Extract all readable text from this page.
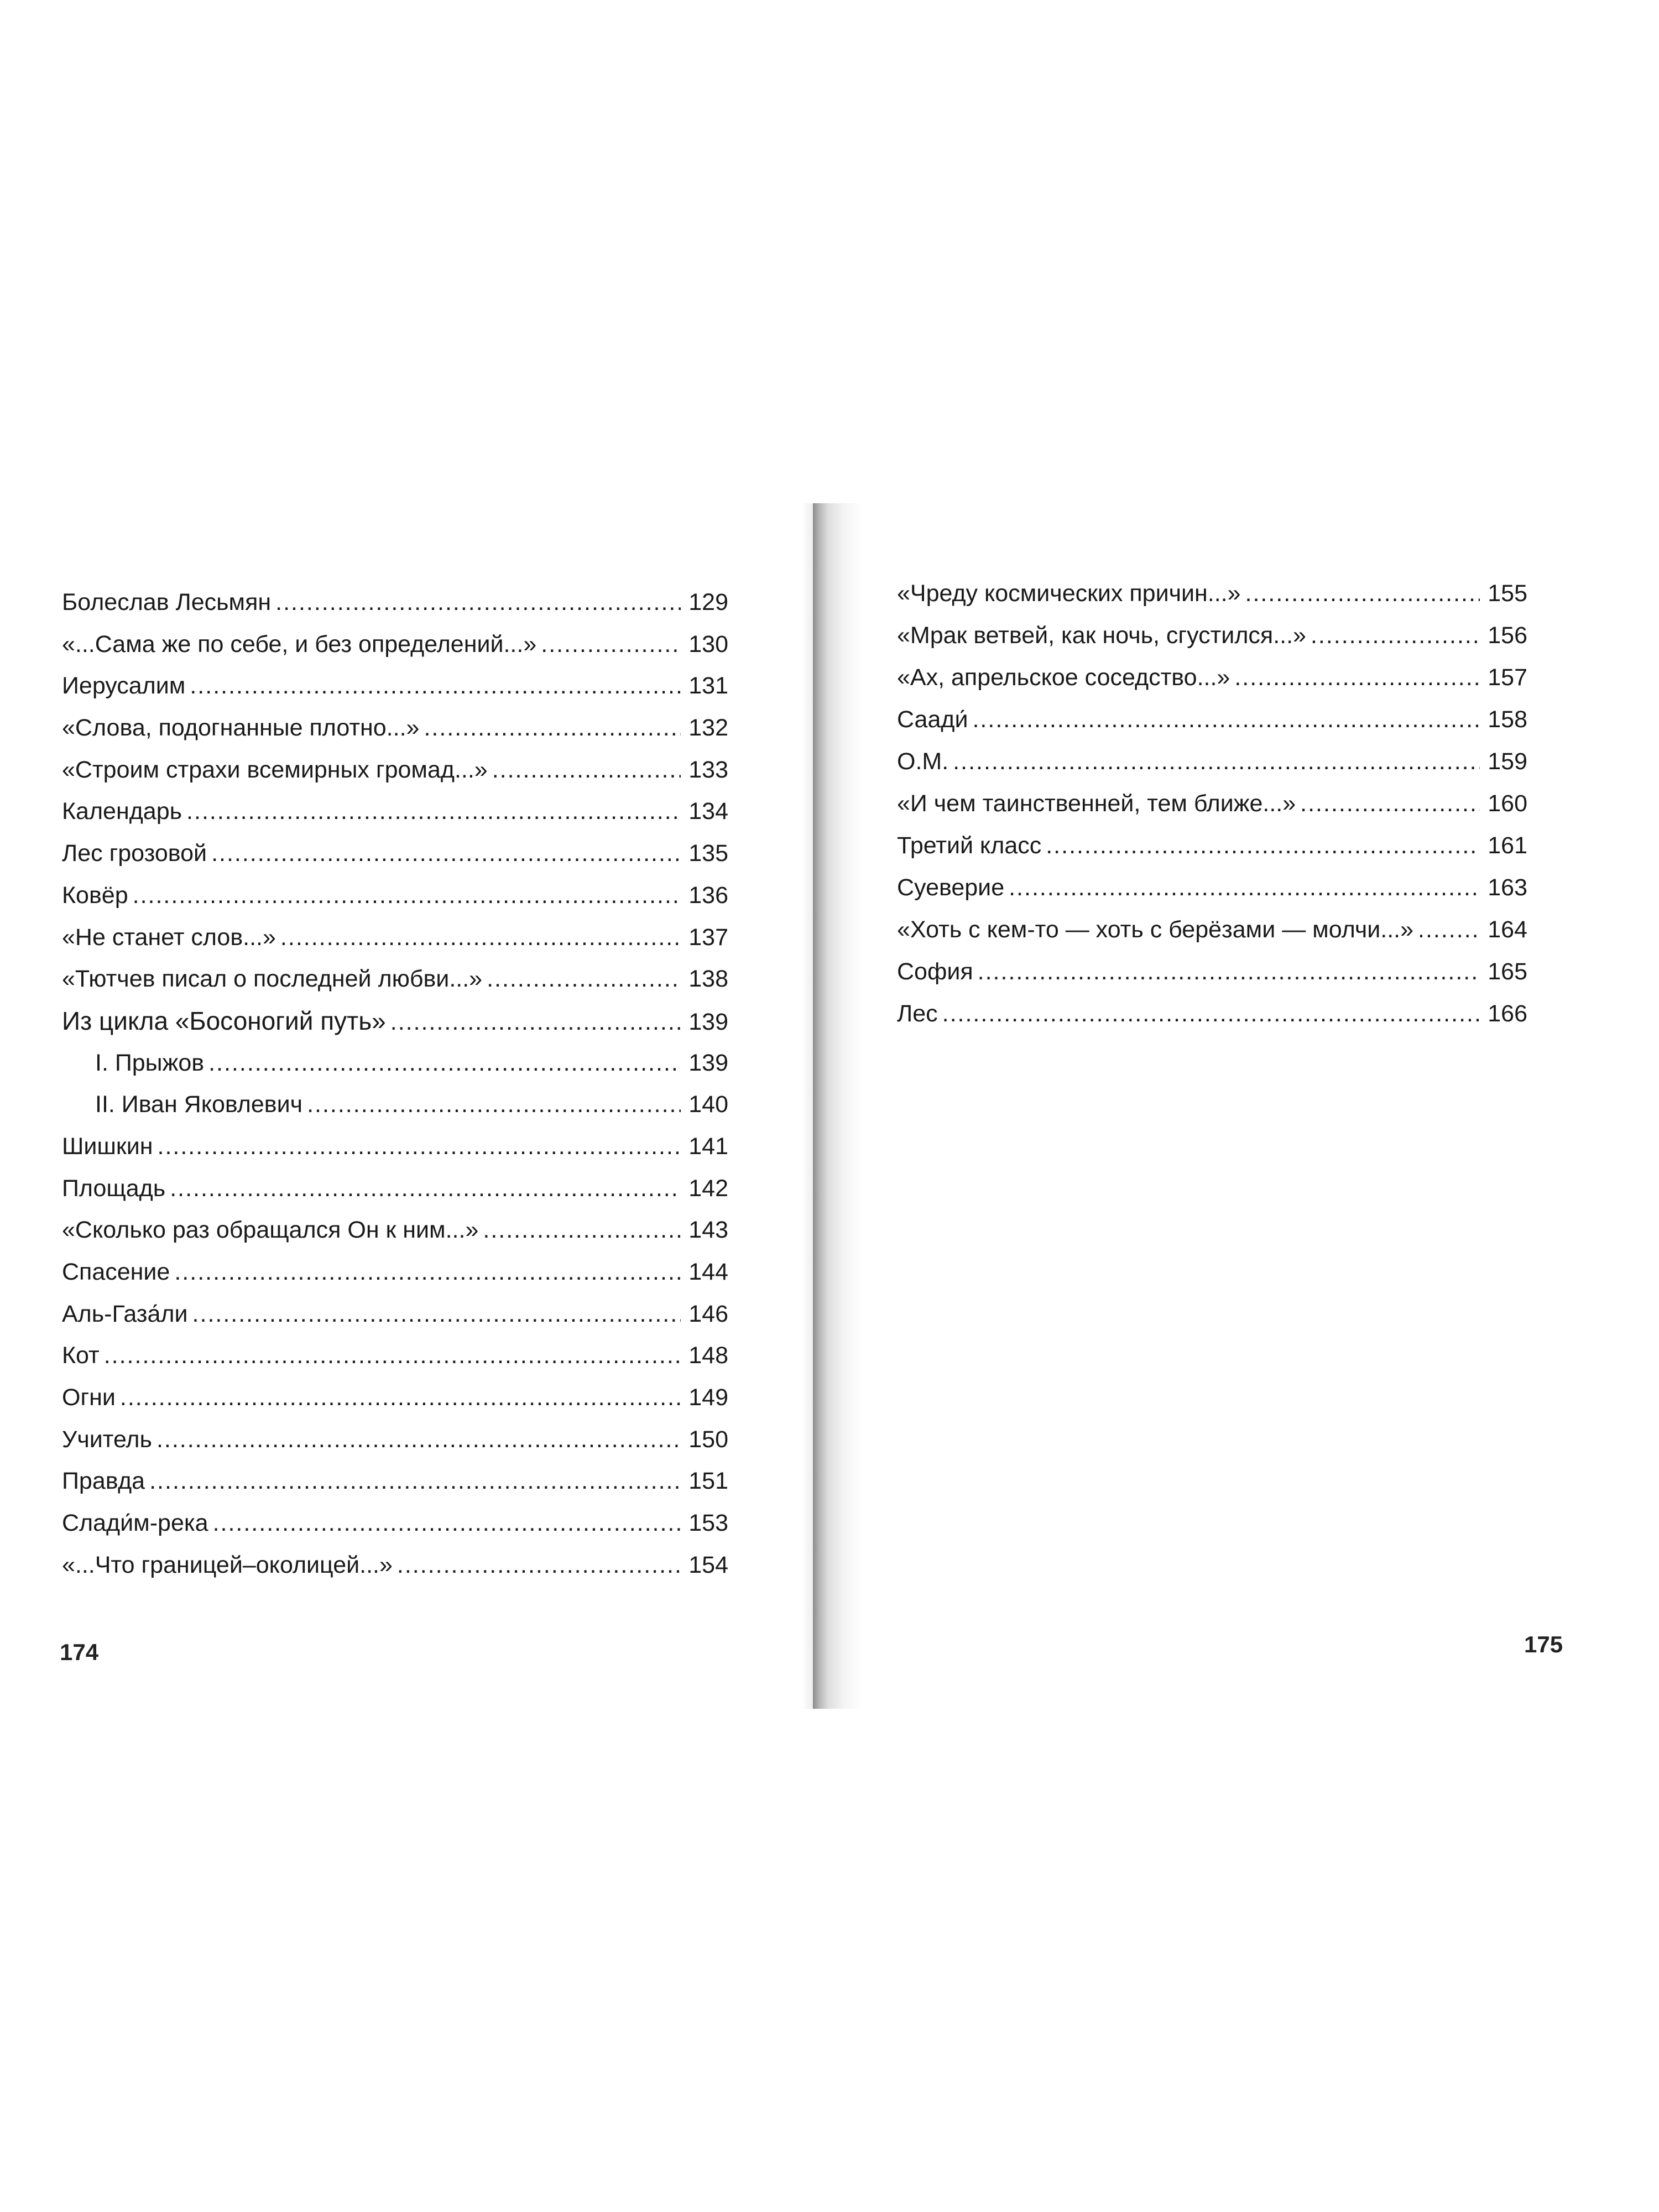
Болеслав Лесьмян .....	129
«...Сама же по себе, и без определений...» .....	130
Иерусалим .....	131
«Слова, подогнанные плотно...» .....	132
«Строим страхи всемирных громад...» .....	133
Календарь .....	134
Лес грозовой .....	135
Ковёр .....	136
«Не станет слов...» .....	137
«Тютчев писал о последней любви...» .....	138
Из цикла «Босоногий путь» .....	139
I. Прыжов .....	139
II. Иван Яковлевич .....	140
Шишкин .....	141
Площадь .....	142
«Сколько раз обращался Он к ним...» .....	143
Спасение .....	144
Аль-Газа́ли .....	146
Кот .....	148
Огни .....	149
Учитель .....	150
Правда .....	151
Слади́м-река .....	153
«...Что границей–околицей...» .....	154
174
«Чреду космических причин...» .....	155
«Мрак ветвей, как ночь, сгустился...» .....	156
«Ах, апрельское соседство...» .....	157
Саади́ .....	158
О.М. .....	159
«И чем таинственней, тем ближе...» .....	160
Третий класс .....	161
Суеверие .....	163
«Хоть с кем-то — хоть с берёзами — молчи...» .....	164
София .....	165
Лес .....	166
175
